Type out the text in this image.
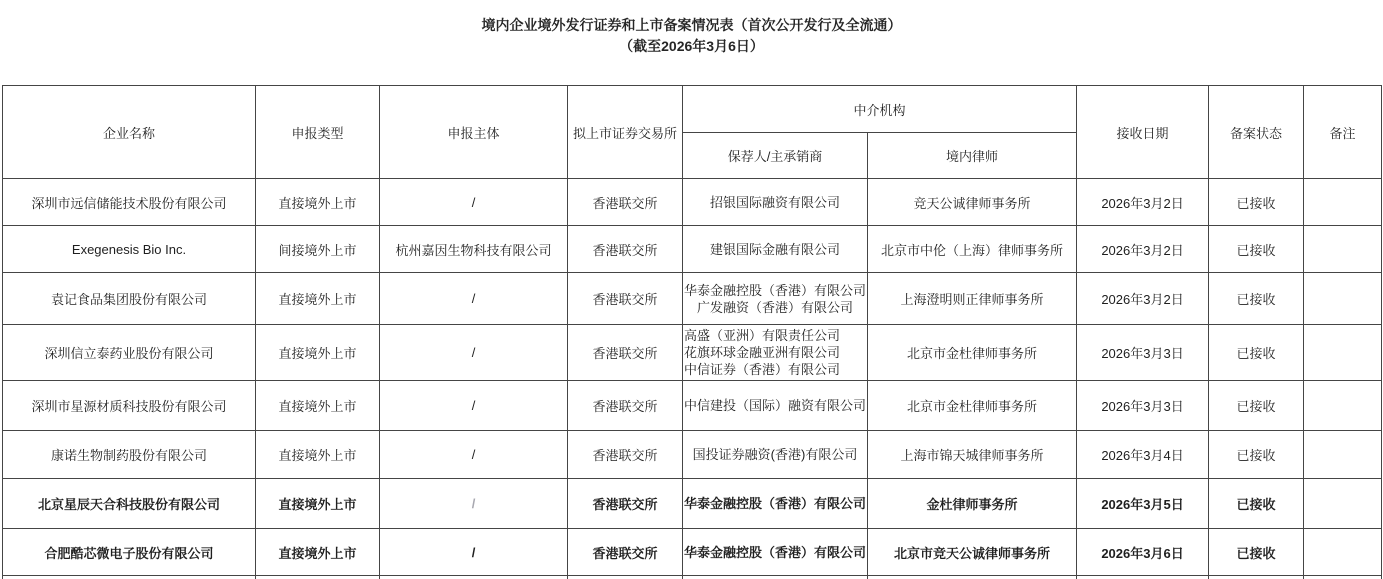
境内企业境外发行证券和上市备案情况表（首次公开发行及全流通）
（截至2026年3月6日）
企业名称	申报类型	申报主体	拟上市证券交易所	中介机构		接收日期	备案状态	备注
				保荐人/主承销商	境内律师			
深圳市远信储能技术股份有限公司	直接境外上市	/	香港联交所	招银国际融资有限公司	竞天公诚律师事务所	2026年3月2日	已接收	
Exegenesis Bio Inc.	间接境外上市	杭州嘉因生物科技有限公司	香港联交所	建银国际金融有限公司	北京市中伦（上海）律师事务所	2026年3月2日	已接收	
袁记食品集团股份有限公司	直接境外上市	/	香港联交所	华泰金融控股（香港）有限公司
广发融资（香港）有限公司	上海澄明则正律师事务所	2026年3月2日	已接收	
深圳信立泰药业股份有限公司	直接境外上市	/	香港联交所	高盛（亚洲）有限责任公司
花旗环球金融亚洲有限公司
中信证券（香港）有限公司	北京市金杜律师事务所	2026年3月3日	已接收	
深圳市星源材质科技股份有限公司	直接境外上市	/	香港联交所	中信建投（国际）融资有限公司	北京市金杜律师事务所	2026年3月3日	已接收	
康诺生物制药股份有限公司	直接境外上市	/	香港联交所	国投证券融资(香港)有限公司	上海市锦天城律师事务所	2026年3月4日	已接收	
北京星辰天合科技股份有限公司	直接境外上市	/	香港联交所	华泰金融控股（香港）有限公司	金杜律师事务所	2026年3月5日	已接收	
合肥酷芯微电子股份有限公司	直接境外上市	/	香港联交所	华泰金融控股（香港）有限公司	北京市竞天公诚律师事务所	2026年3月6日	已接收	
